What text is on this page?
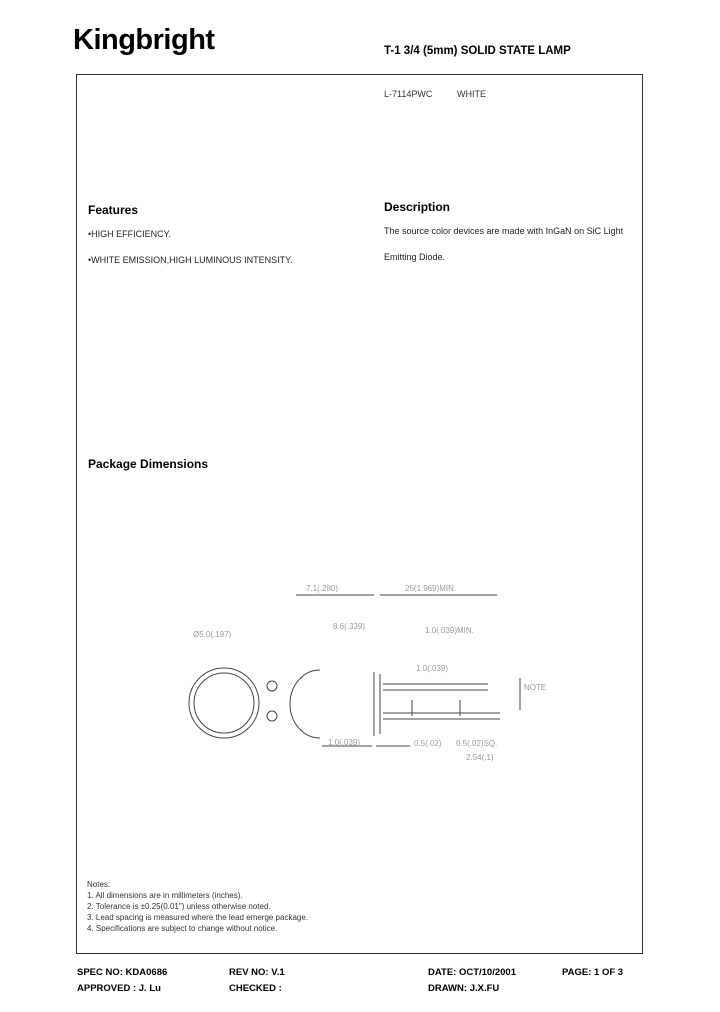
Kingbright	T-1 3/4 (5mm) SOLID STATE LAMP
L-7114PWC	WHITE
Features
•HIGH EFFICIENCY.
•WHITE EMISSION,HIGH LUMINOUS INTENSITY.
Description
The source color devices are made with InGaN on SiC Light
Emitting Diode.
Package Dimensions
7.1(.280)	25(1.969)MIN.
Ø5.0(.197)
8.6(.339)	1.0(.039)MIN.
1.0(.039)
1.0(.039)	0.5(.02) 0.5(.02)SQ.
2.54(.1)
NOTE
Notes:
1. All dimensions are in millimeters (inches).
2. Tolerance is ±0.25(0.01") unless otherwise noted.
3. Lead spacing is measured where the lead emerge package.
4. Specifications are subject to change without notice.
SPEC NO: KDA0686	REV NO: V.1	DATE: OCT/10/2001	PAGE: 1 OF 3
APPROVED : J. Lu	CHECKED :	DRAWN: J.X.FU
